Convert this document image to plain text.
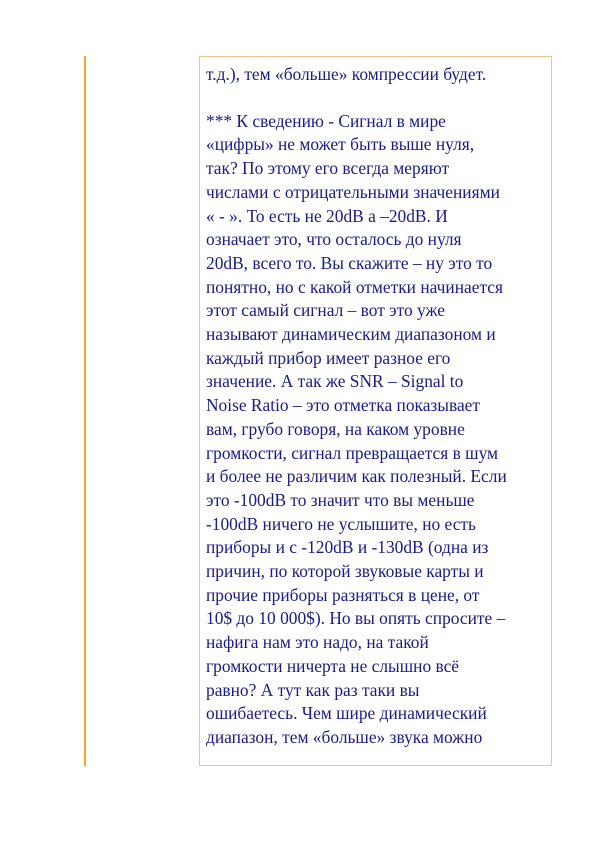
т.д.), тем «больше» компрессии будет.

*** К сведению - Сигнал в мире
«цифры» не может быть выше нуля,
так? По этому его всегда меряют
числами с отрицательными значениями
« - ». То есть не 20dB а –20dB. И
означает это, что осталось до нуля
20dB, всего то. Вы скажите – ну это то
понятно, но с какой отметки начинается
этот самый сигнал – вот это уже
называют динамическим диапазоном и
каждый прибор имеет разное его
значение. А так же SNR – Signal to
Noise Ratio – это отметка показывает
вам, грубо говоря, на каком уровне
громкости, сигнал превращается в шум
и более не различим как полезный. Если
это -100dB то значит что вы меньше
-100dB ничего не услышите, но есть
приборы и с -120dB и -130dB (одна из
причин, по которой звуковые карты и
прочие приборы разняться в цене, от
10$ до 10 000$). Но вы опять спросите –
нафига нам это надо, на такой
громкости ничерта не слышно всё
равно? А тут как раз таки вы
ошибаетесь. Чем шире динамический
диапазон, тем «больше» звука можно
